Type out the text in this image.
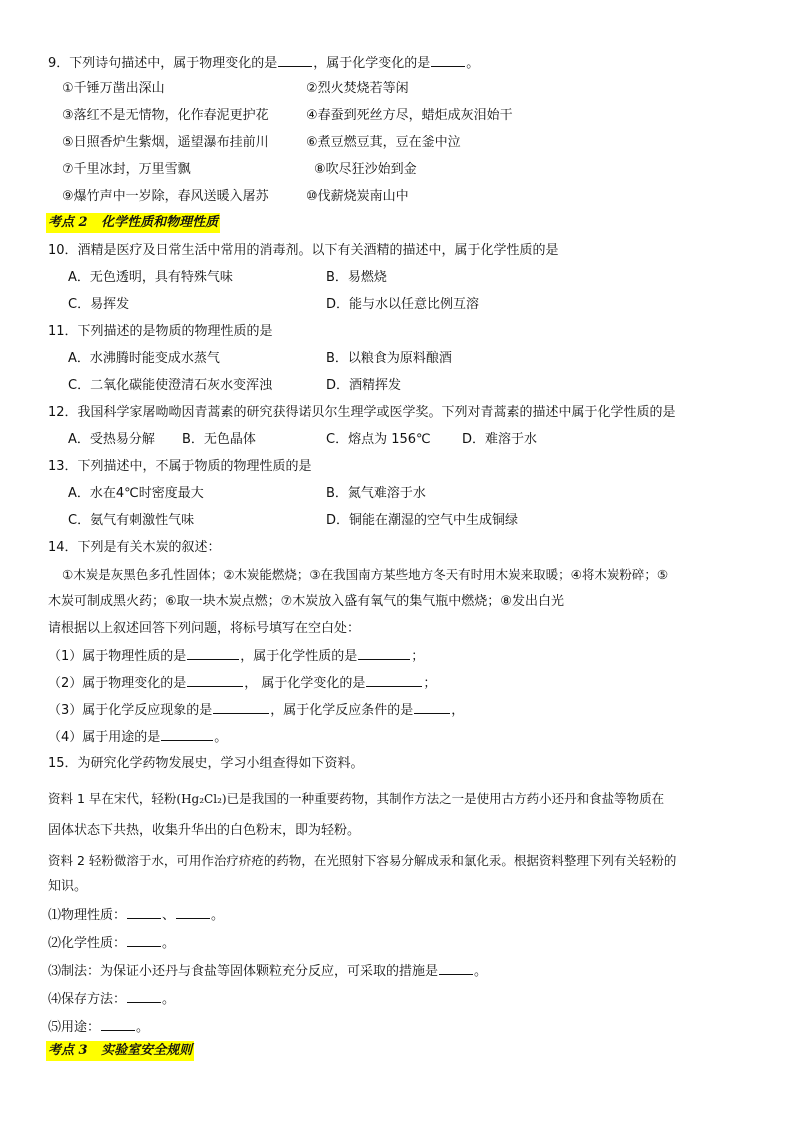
9．下列诗句描述中，属于物理变化的是	，属于化学变化的是	。
①千锤万凿出深山	②烈火焚烧若等闲
③落红不是无情物，化作春泥更护花	④春蚕到死丝方尽，蜡炬成灰泪始干
⑤日照香炉生紫烟，遥望瀑布挂前川	⑥煮豆燃豆萁，豆在釜中泣
⑦千里冰封，万里雪飘	⑧吹尽狂沙始到金
⑨爆竹声中一岁除，春风送暖入屠苏	⑩伐薪烧炭南山中
考点 2 化学性质和物理性质
10．酒精是医疗及日常生活中常用的消毒剂。以下有关酒精的描述中，属于化学性质的是
A．无色透明，具有特殊气味	B．易燃烧
C．易挥发	D．能与水以任意比例互溶
11．下列描述的是物质的物理性质的是
A．水沸腾时能变成水蒸气	B．以粮食为原料酿酒
C．二氧化碳能使澄清石灰水变浑浊	D．酒精挥发
12．我国科学家屠呦呦因青蒿素的研究获得诺贝尔生理学或医学奖。下列对青蒿素的描述中属于化学性质的是
A．受热易分解 B．无色晶体	C．熔点为 156℃ D．难溶于水
13．下列描述中，不属于物质的物理性质的是
A．水在4℃时密度最大	B．氮气难溶于水
C．氨气有刺激性气味	D．铜能在潮湿的空气中生成铜绿
14．下列是有关木炭的叙述：
①木炭是灰黑色多孔性固体；②木炭能燃烧；③在我国南方某些地方冬天有时用木炭来取暖；④将木炭粉碎；⑤
木炭可制成黑火药；⑥取一块木炭点燃；⑦木炭放入盛有氧气的集气瓶中燃烧；⑧发出白光
请根据以上叙述回答下列问题，将标号填写在空白处：
（1）属于物理性质的是	，属于化学性质的是	；
（2）属于物理变化的是	， 属于化学变化的是	；
（3）属于化学反应现象的是	，属于化学反应条件的是	，
（4）属于用途的是	。
15．为研究化学药物发展史，学习小组查得如下资料。
资料 1 早在宋代，轻粉(Hg₂Cl₂)已是我国的一种重要药物，其制作方法之一是使用古方药小还丹和食盐等物质在
固体状态下共热，收集升华出的白色粉末，即为轻粉。
资料 2 轻粉微溶于水，可用作治疗疥疮的药物，在光照射下容易分解成汞和氯化汞。根据资料整理下列有关轻粉的
知识。
⑴物理性质：	、	。
⑵化学性质：	。
⑶制法：为保证小还丹与食盐等固体颗粒充分反应，可采取的措施是	。
⑷保存方法：	。
⑸用途：	。
考点 3 实验室安全规则
